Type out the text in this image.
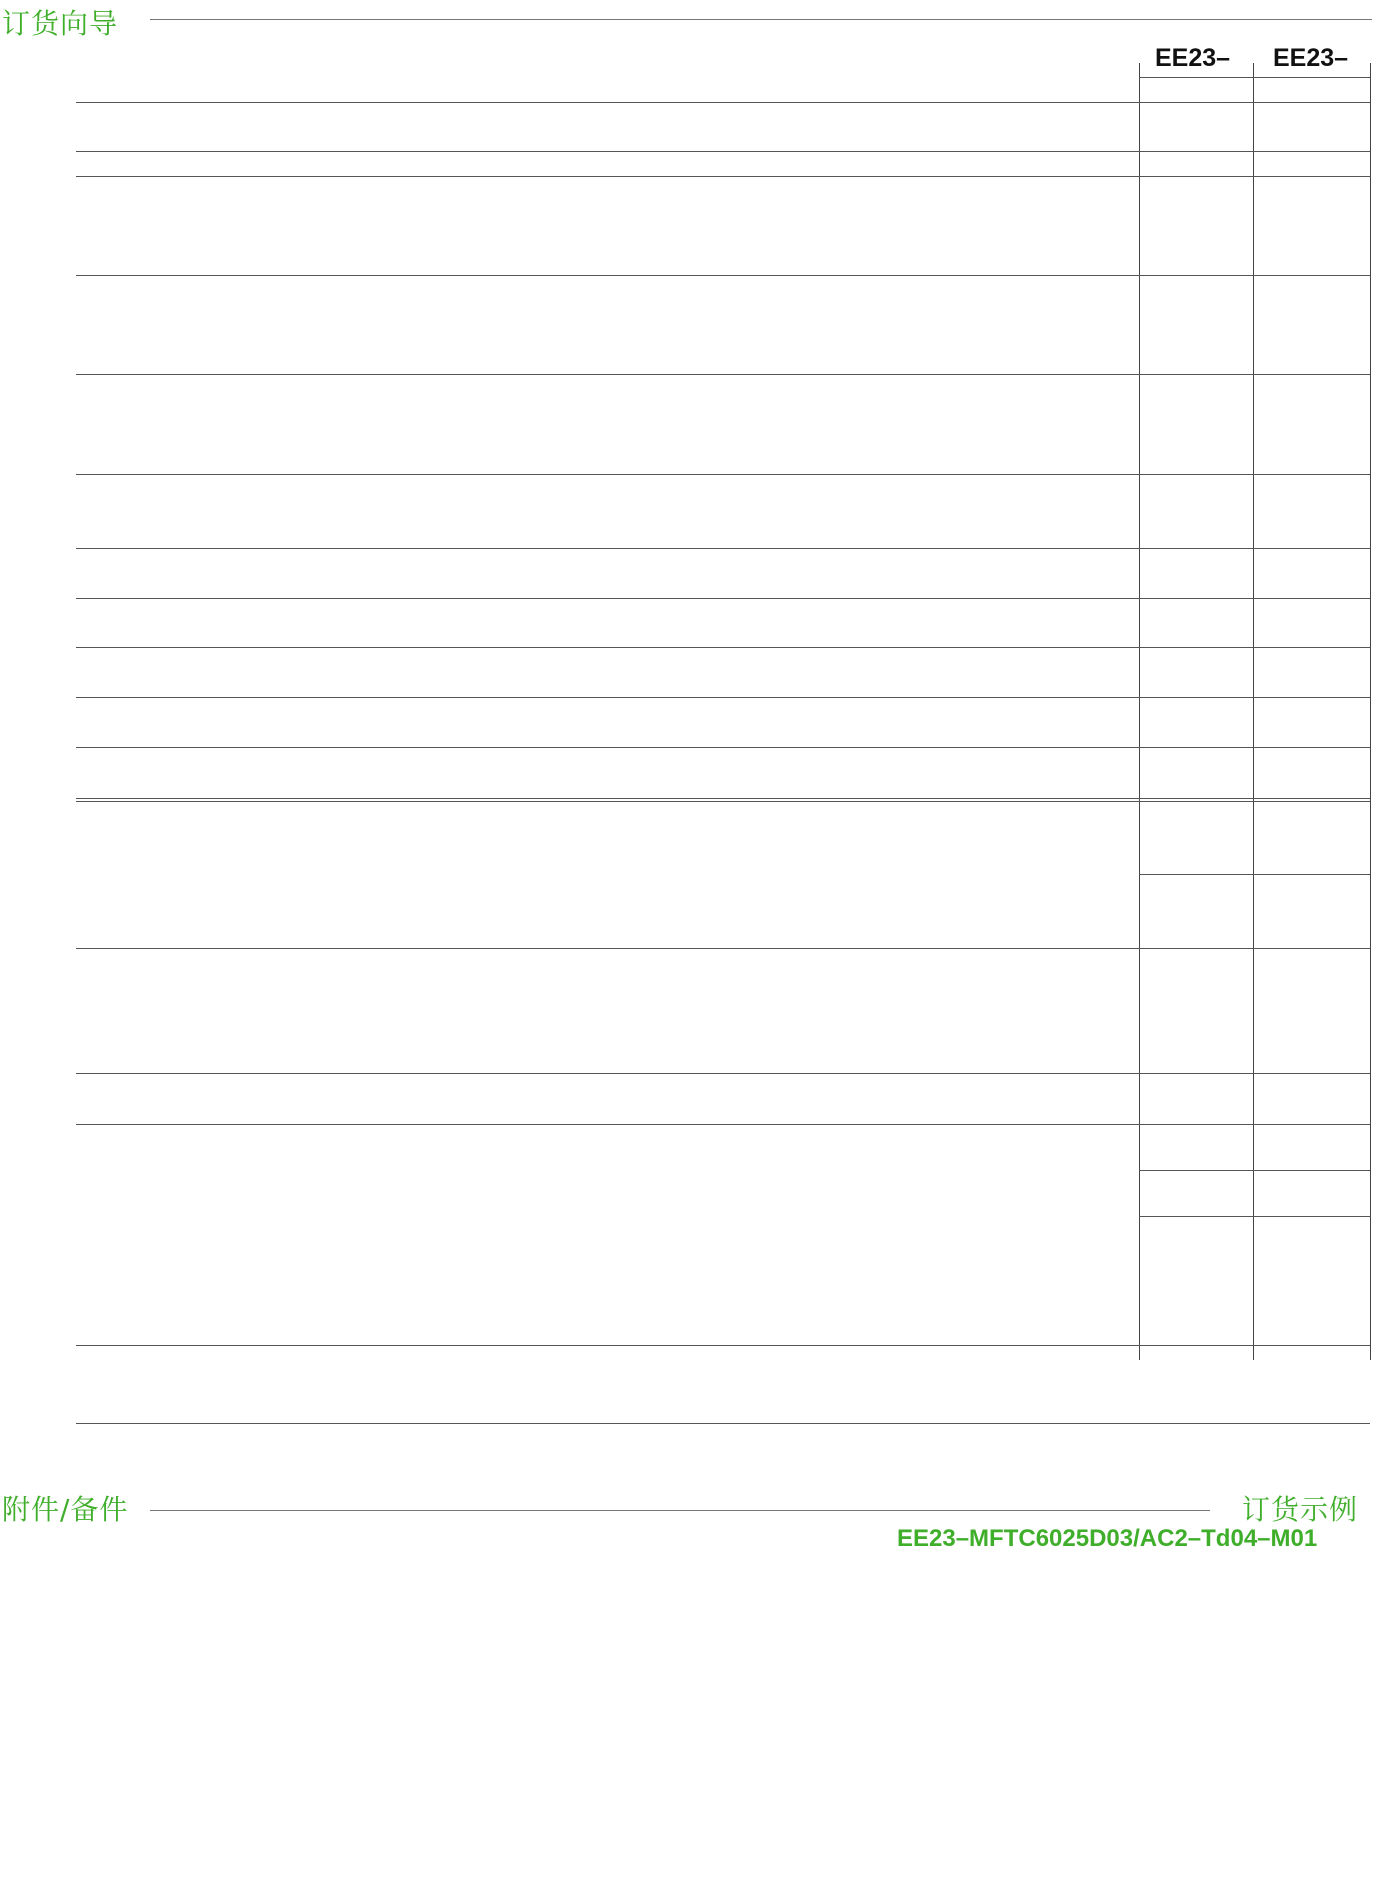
订货向导
EE23– EE23–
附件/备件	订货示例
EE23–MFTC6025D03/AC2–Td04–M01
